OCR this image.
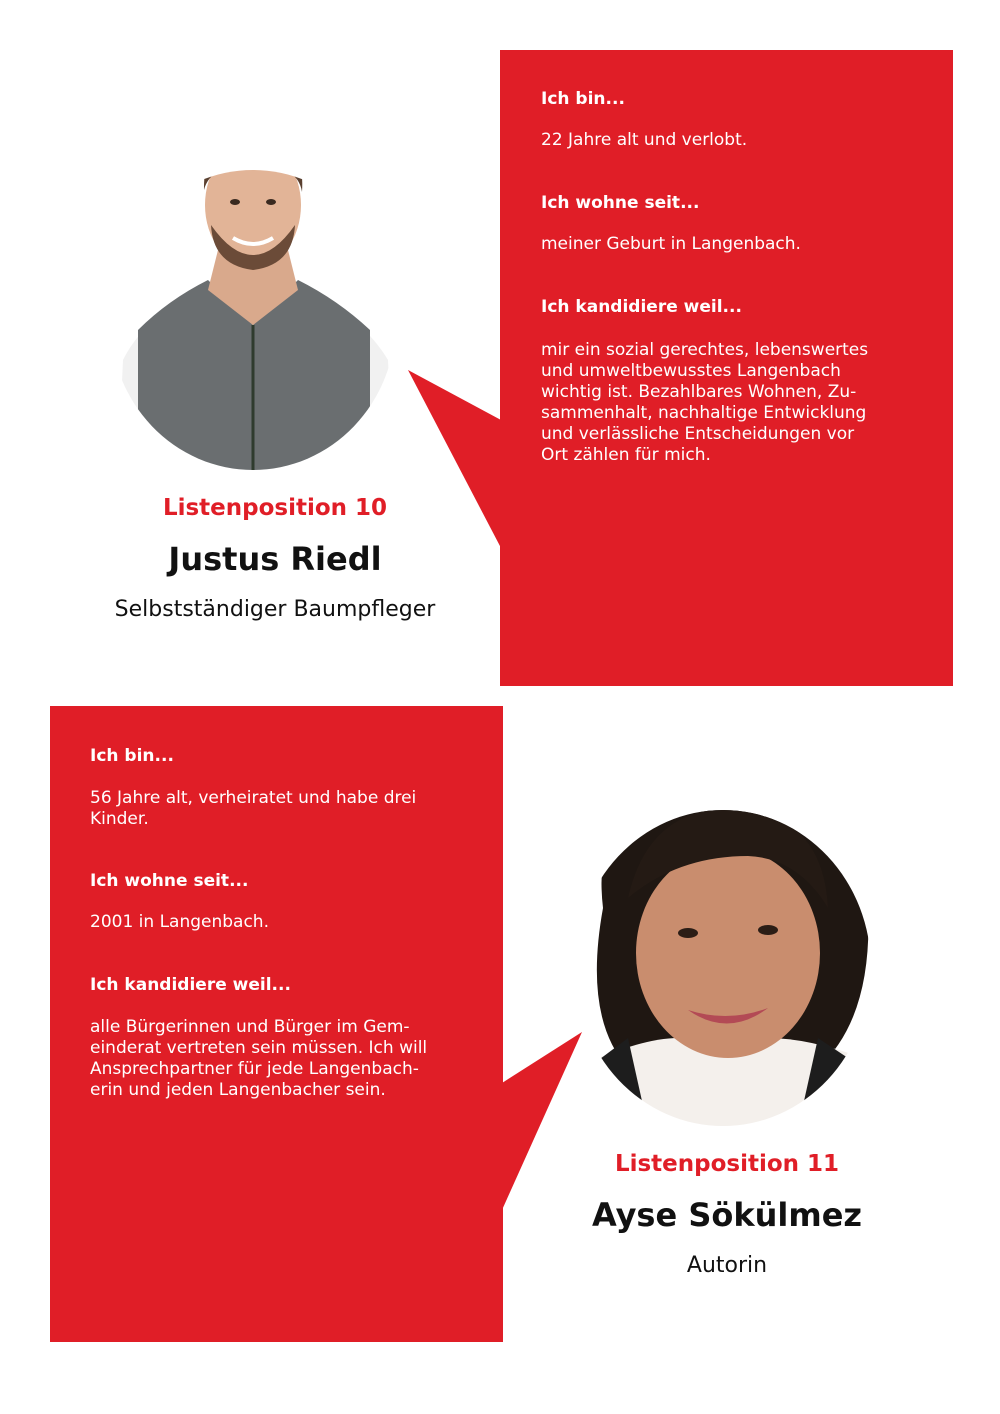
Ich bin...

22 Jahre alt und verlobt.

Ich wohne seit...

meiner Geburt in Langenbach.

Ich kandidiere weil...

mir ein sozial gerechtes, lebenswertes

und umweltbewusstes Langenbach

wichtig ist. Bezahlbares Wohnen, Zu-

sammenhalt, nachhaltige Entwicklung

und verlässliche Entscheidungen vor

Ort zählen für mich.

Listenposition 10
Justus Riedl
Selbstständiger Baumpfleger

Ich bin...

56 Jahre alt, verheiratet und habe drei

Kinder.

Ich wohne seit...

2001 in Langenbach.

Ich kandidiere weil...

alle Bürgerinnen und Bürger im Gem-

einderat vertreten sein müssen. Ich will

Ansprechpartner für jede Langenbach-

erin und jeden Langenbacher sein.

Listenposition 11
Ayse Sökülmez
Autorin
